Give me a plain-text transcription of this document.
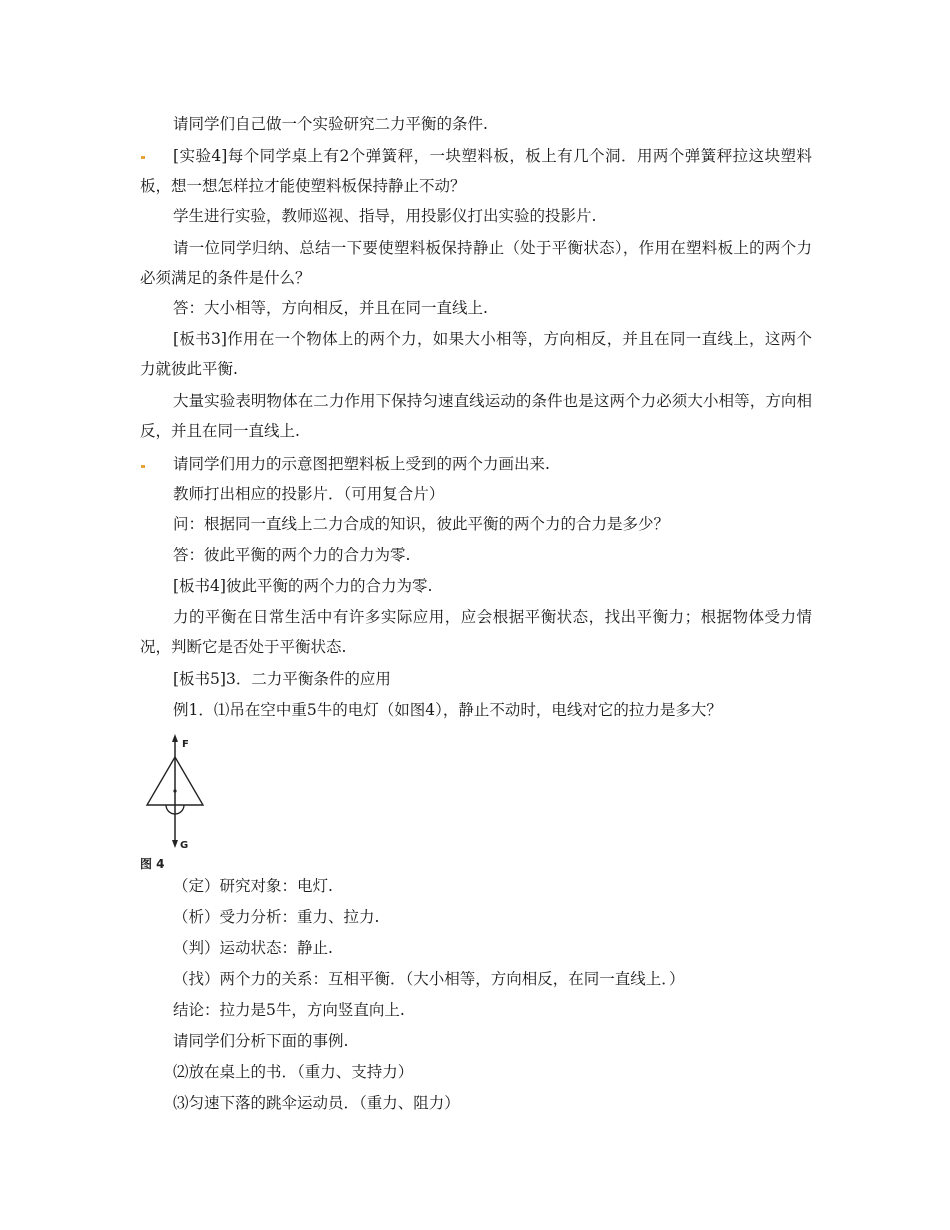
请同学们自己做一个实验研究二力平衡的条件.

[实验4]每个同学桌上有2个弹簧秤，一块塑料板，板上有几个洞．用两个弹簧秤拉这块塑料板，想一想怎样拉才能使塑料板保持静止不动？

学生进行实验，教师巡视、指导，用投影仪打出实验的投影片.

请一位同学归纳、总结一下要使塑料板保持静止（处于平衡状态），作用在塑料板上的两个力必须满足的条件是什么？

答：大小相等，方向相反，并且在同一直线上.

[板书3]作用在一个物体上的两个力，如果大小相等，方向相反，并且在同一直线上，这两个力就彼此平衡.

大量实验表明物体在二力作用下保持匀速直线运动的条件也是这两个力必须大小相等，方向相反，并且在同一直线上.

请同学们用力的示意图把塑料板上受到的两个力画出来.

教师打出相应的投影片．（可用复合片）

问：根据同一直线上二力合成的知识，彼此平衡的两个力的合力是多少？

答：彼此平衡的两个力的合力为零.

[板书4]彼此平衡的两个力的合力为零.

力的平衡在日常生活中有许多实际应用，应会根据平衡状态，找出平衡力；根据物体受力情况，判断它是否处于平衡状态.

[板书5]3．二力平衡条件的应用

例1．⑴吊在空中重5牛的电灯（如图4），静止不动时，电线对它的拉力是多大？

F
G
图 4

（定）研究对象：电灯.

（析）受力分析：重力、拉力.

（判）运动状态：静止.

（找）两个力的关系：互相平衡．（大小相等，方向相反，在同一直线上．）

结论：拉力是5牛，方向竖直向上.

请同学们分析下面的事例.

⑵放在桌上的书．（重力、支持力）

⑶匀速下落的跳伞运动员．（重力、阻力）
